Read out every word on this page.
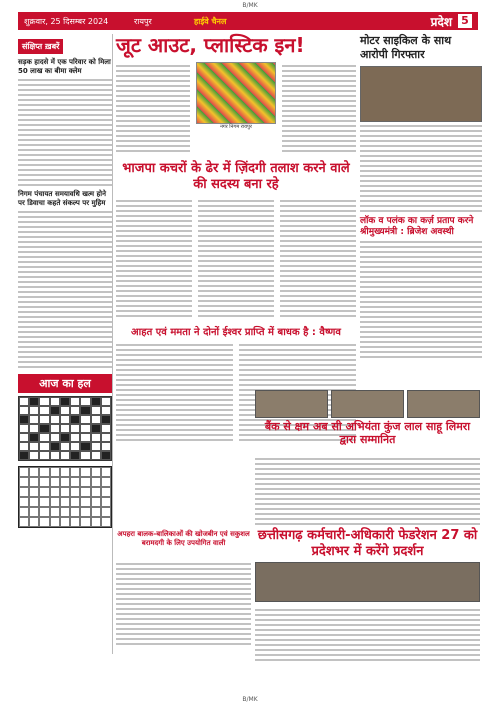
B/MK
शुक्रवार, 25 दिसम्बर 2024	रायपुर	हाईवे चैनल	प्रदेश 5
संक्षिप्त ख़बरें
सड़क हादसे में एक परिवार को मिला 50 लाख का बीमा क्लेम
निगम पंचायत समयावधि खत्म होने पर डिवाचा कहते संकल्प पर मुहिम
आज का हल
जूट आउट, प्लास्टिक इन!
नगर निगम रायपुर
भाजपा कचरों के ढेर में ज़िंदगी तलाश करने वाले की सदस्य बना रहे
आहत एवं ममता ने दोनों ईश्वर प्राप्ति में बाधक है : वैष्णव
मोटर साइकिल के साथ आरोपी गिरफ्तार
लॉक व पलंक का कर्ज़ प्रताप करने श्रीमुख्यमंत्री : ब्रिजेश अवस्थी
बैंक से क्षम अब सी अभियंता कुंज लाल साहू लिमरा द्वारा सम्मानित
अपहरा बालक-बालिकाओं की खोजबीन एवं सकुशल बरामदगी के लिए उपयोगित वाली
छत्तीसगढ़ कर्मचारी-अधिकारी फेडरेशन 27 को प्रदेशभर में करेंगे प्रदर्शन
B/MK
